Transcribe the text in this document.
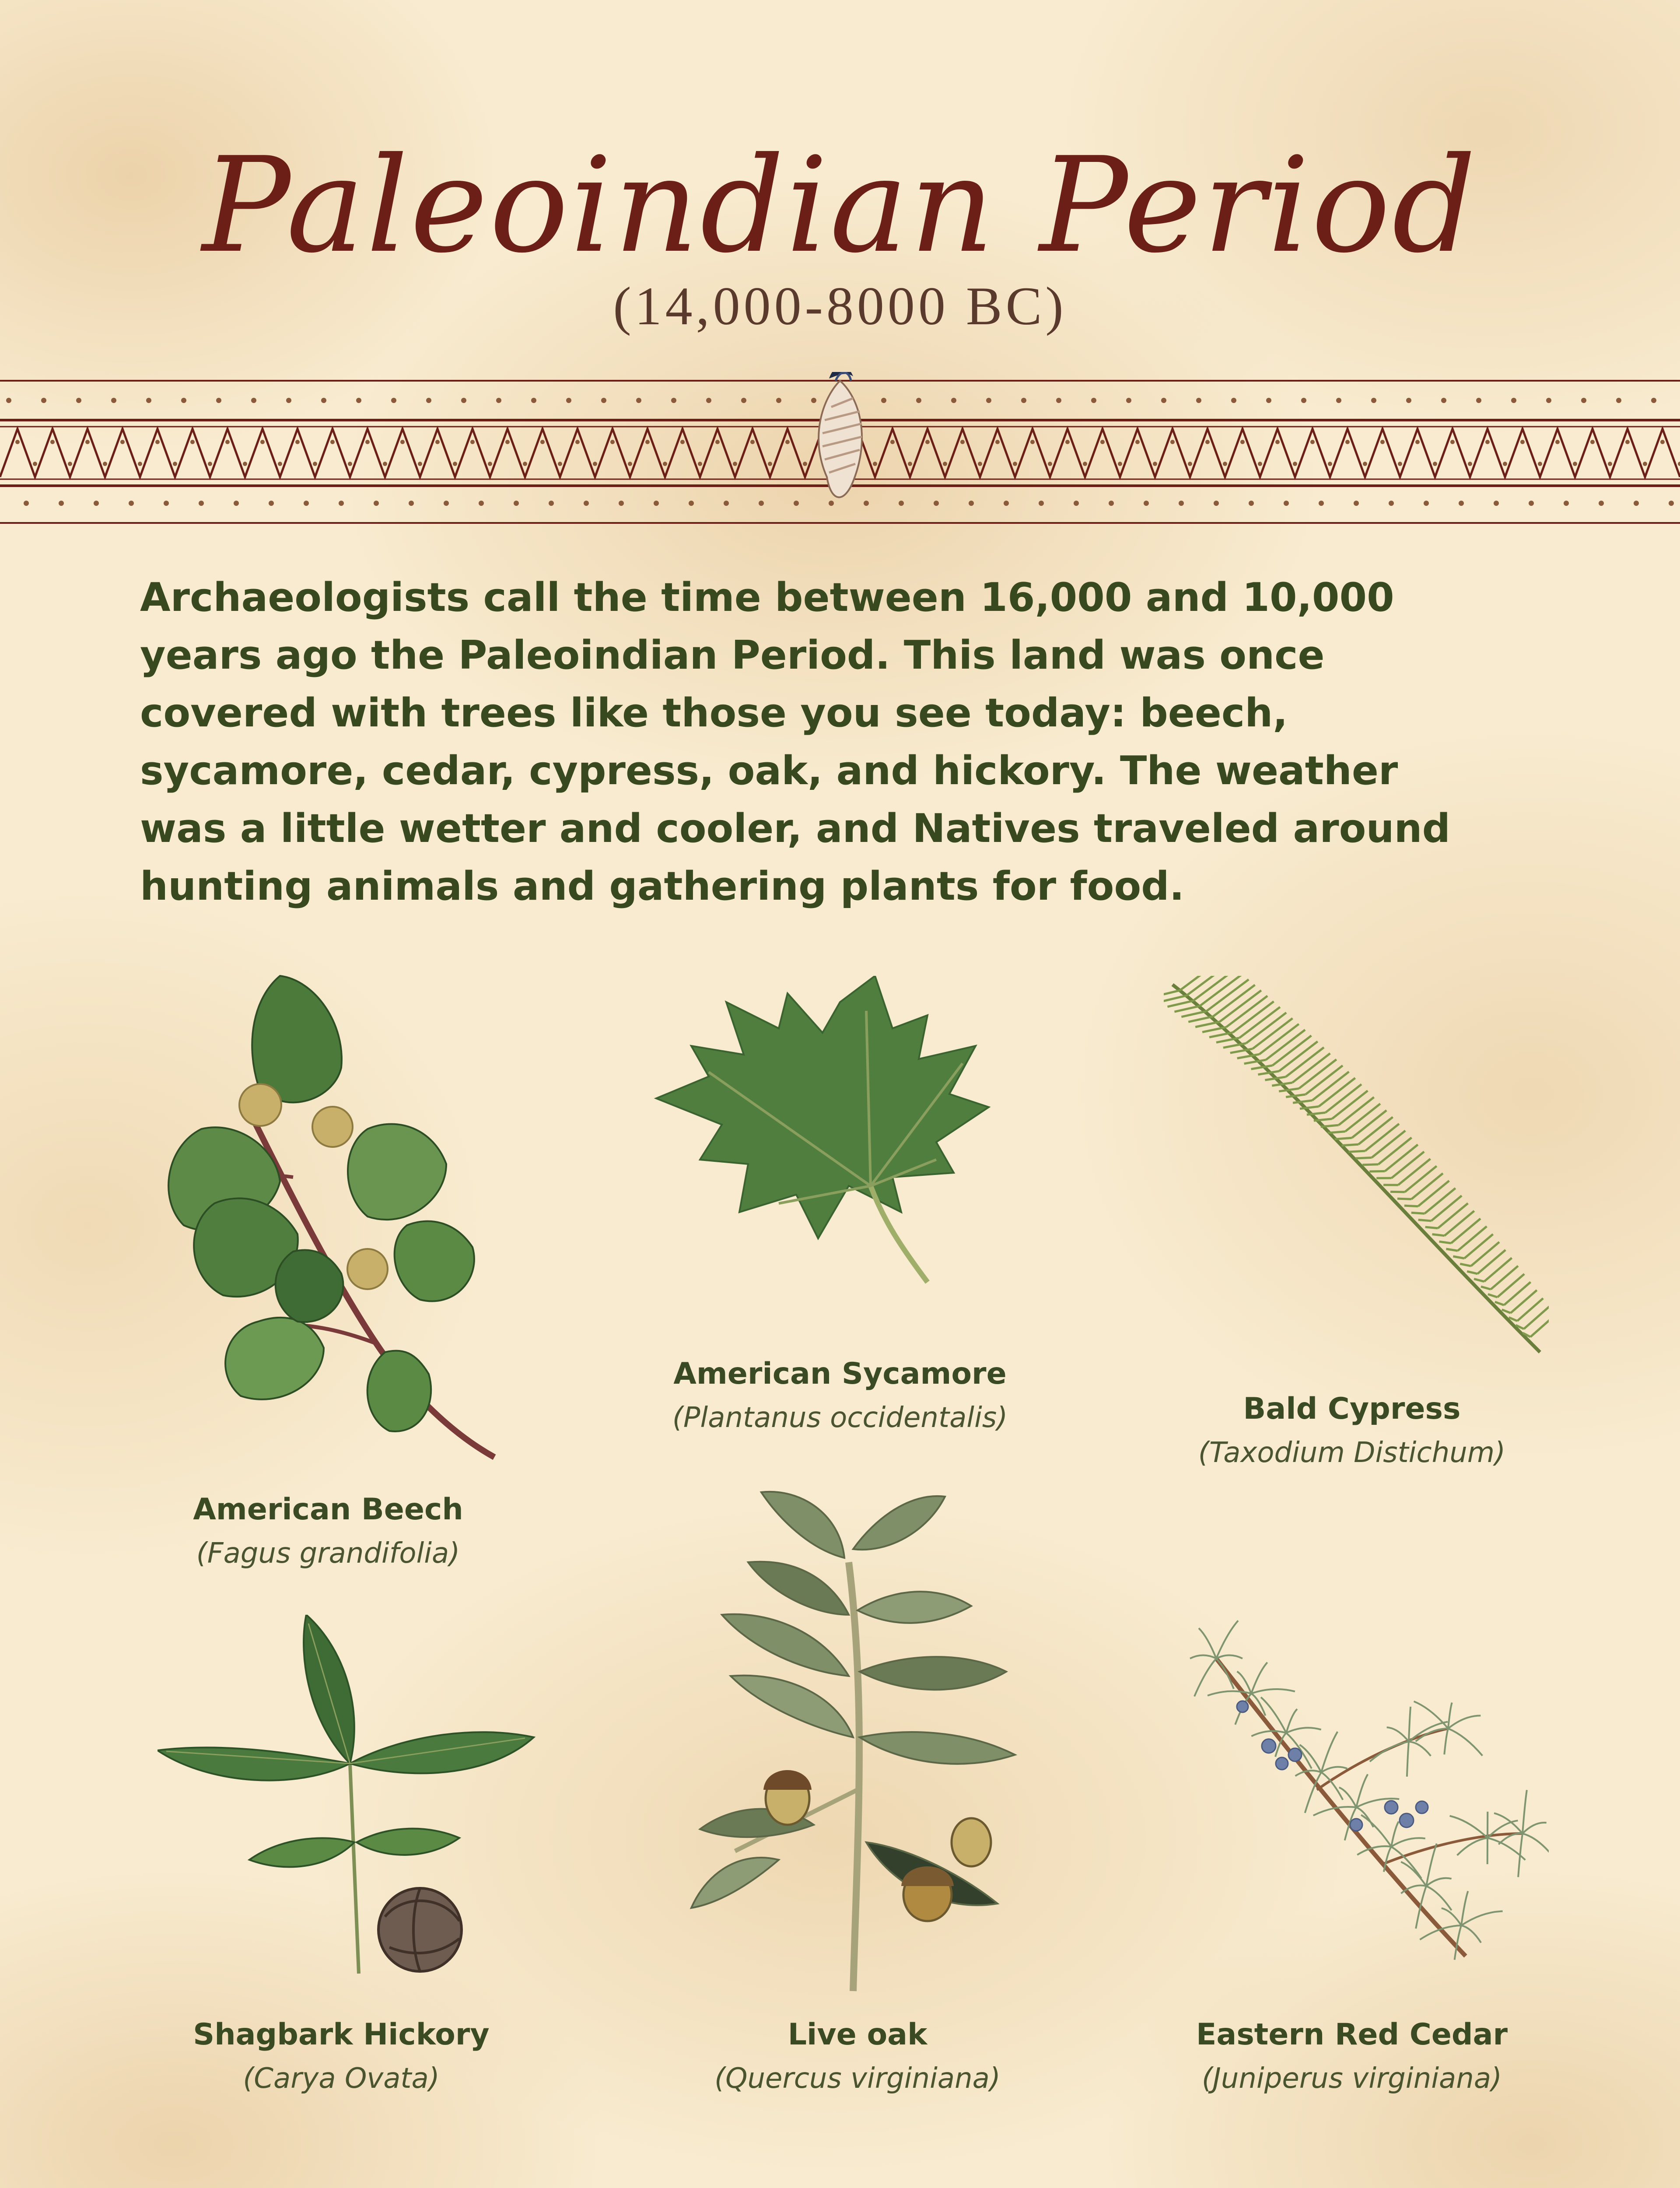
Paleoindian Period
(14,000-8000 BC)
Archaeologists call the time between 16,000 and 10,000 years ago the Paleoindian Period. This land was once covered with trees like those you see today: beech, sycamore, cedar, cypress, oak, and hickory. The weather was a little wetter and cooler, and Natives traveled around hunting animals and gathering plants for food.
American Beech
(Fagus grandifolia)
American Sycamore
(Plantanus occidentalis)	Bald Cypress
(Taxodium Distichum)
Shagbark Hickory
(Carya Ovata)
Live oak
(Quercus virginiana)
Eastern Red Cedar
(Juniperus virginiana)
